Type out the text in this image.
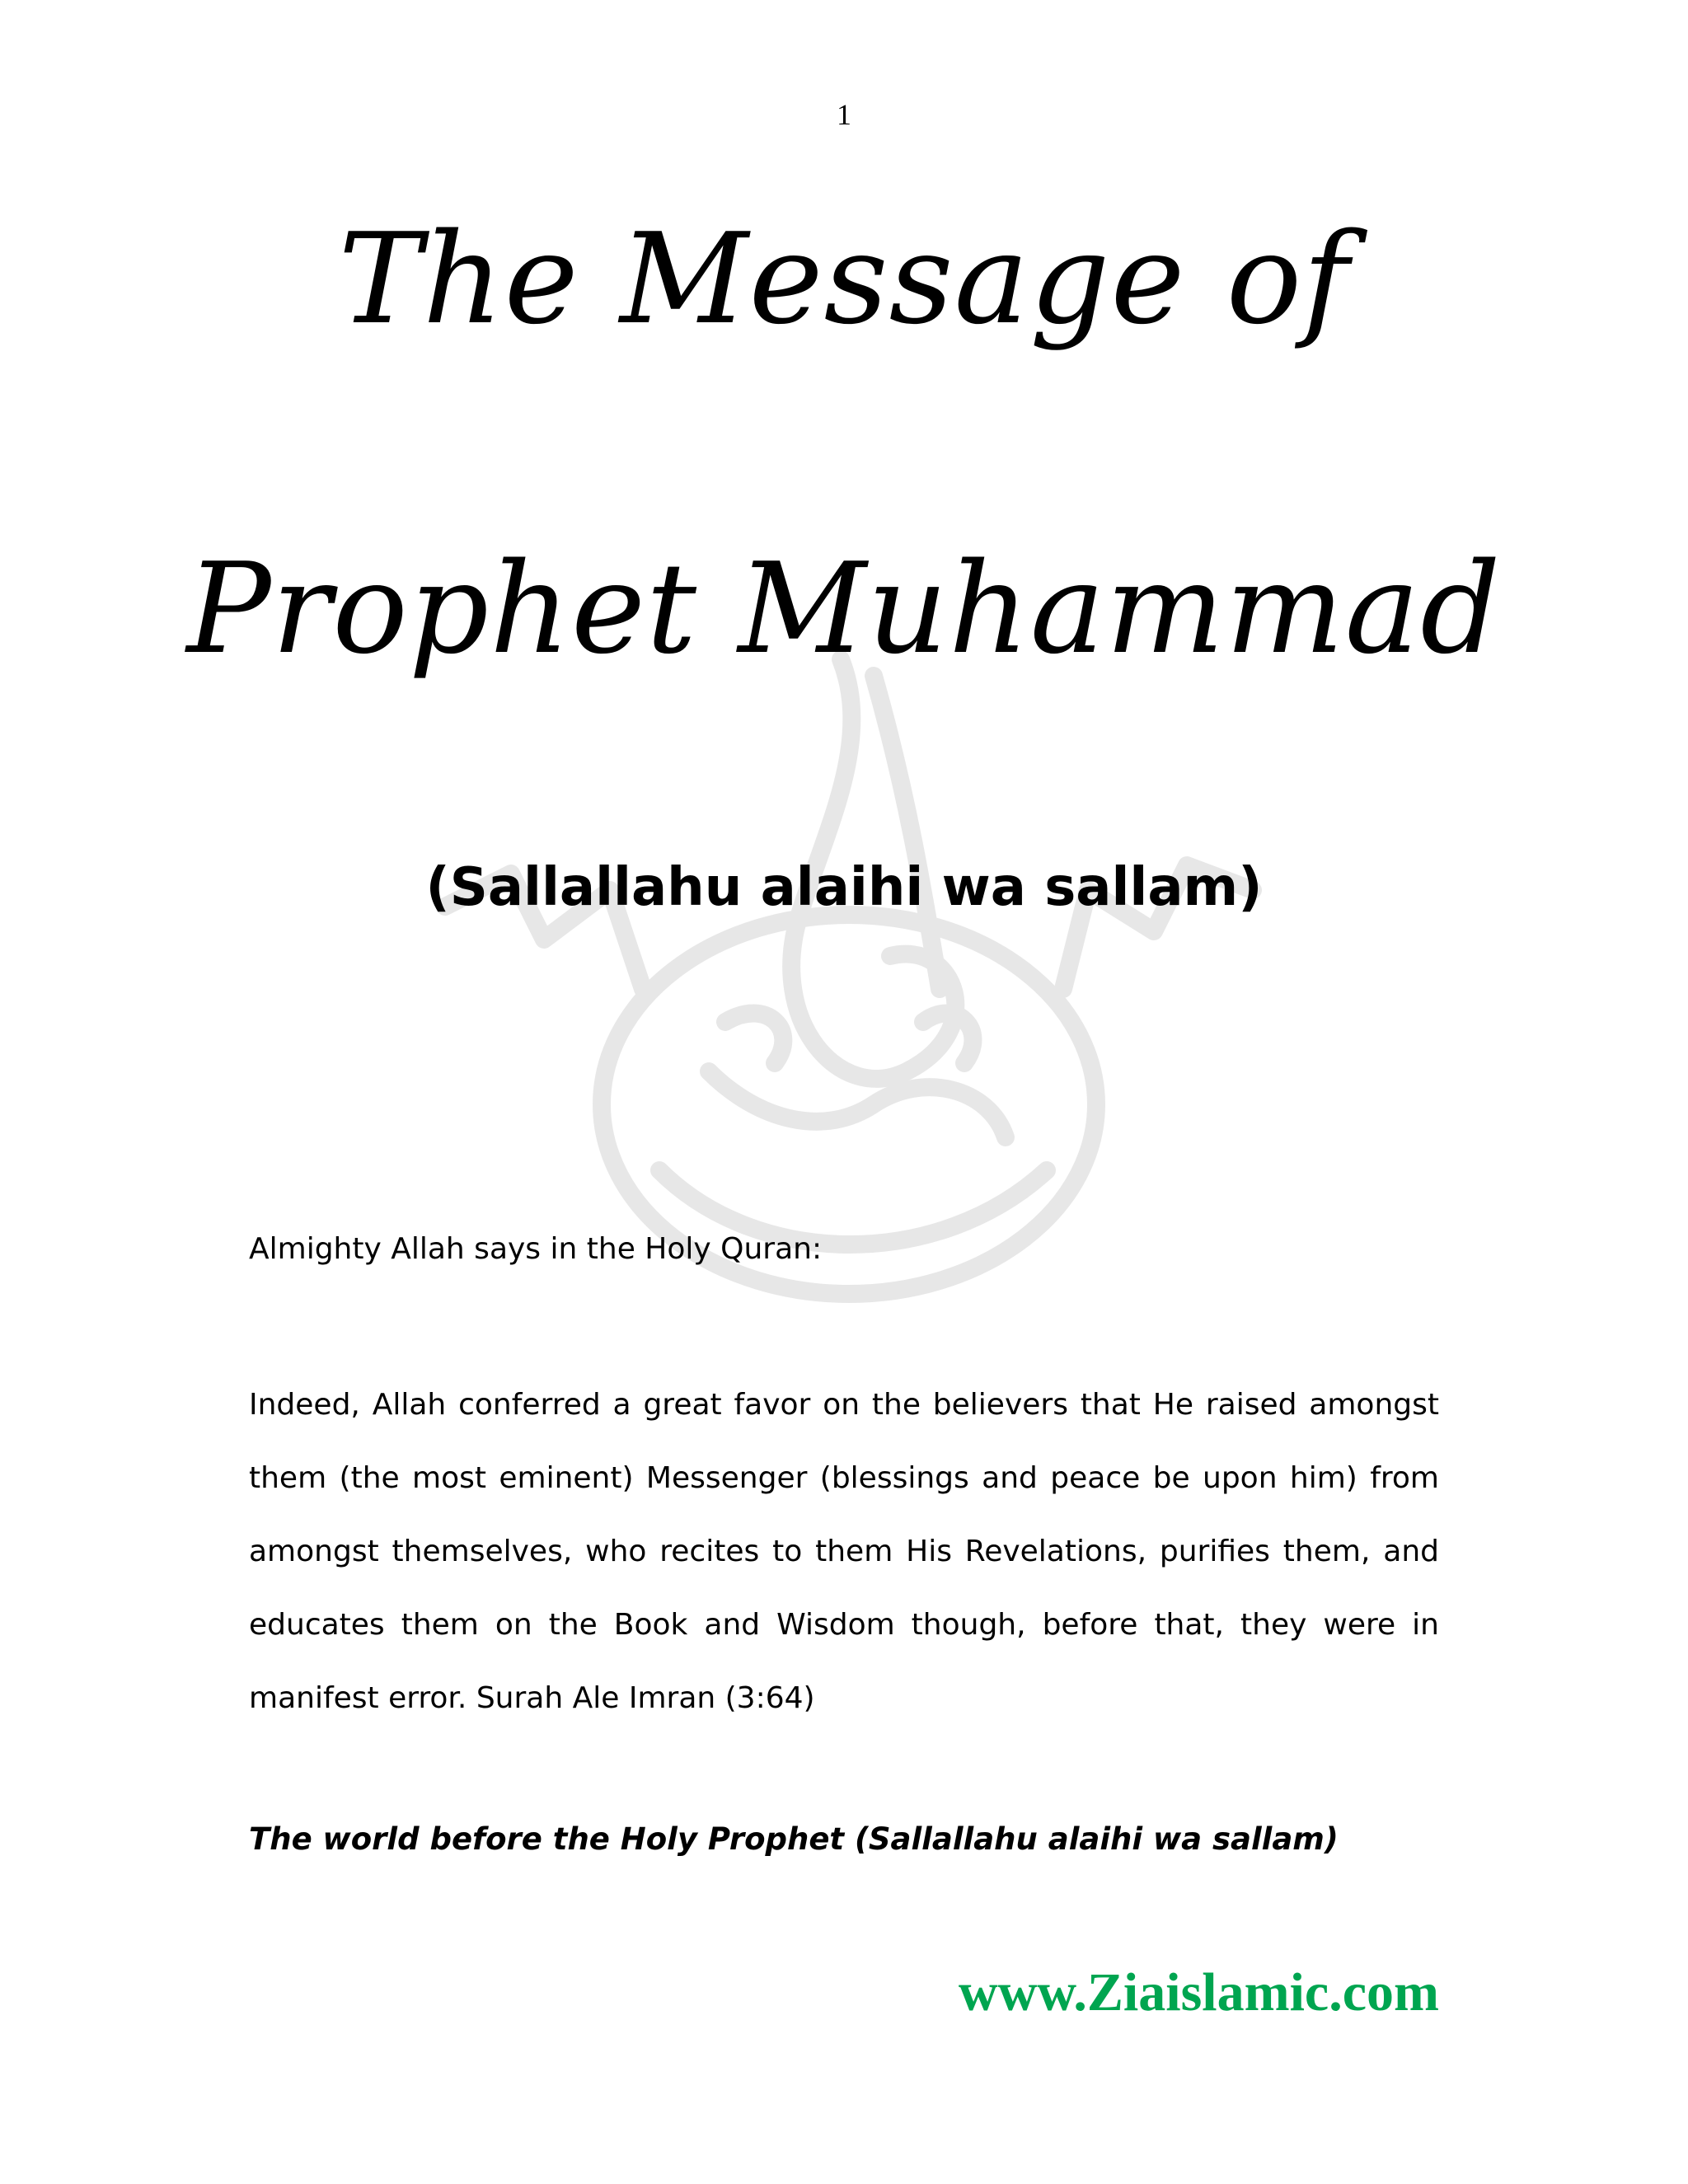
1
The Message of
Prophet Muhammad
(Sallallahu alaihi wa sallam)
Almighty Allah says in the Holy Quran:
Indeed, Allah conferred a great favor on the believers that He raised amongst them (the most eminent) Messenger (blessings and peace be upon him) from amongst themselves, who recites to them His Revelations, purifies them, and educates them on the Book and Wisdom though, before that, they were in manifest error. Surah Ale Imran (3:64)
The world before the Holy Prophet (Sallallahu alaihi wa sallam)
www.Ziaislamic.com
